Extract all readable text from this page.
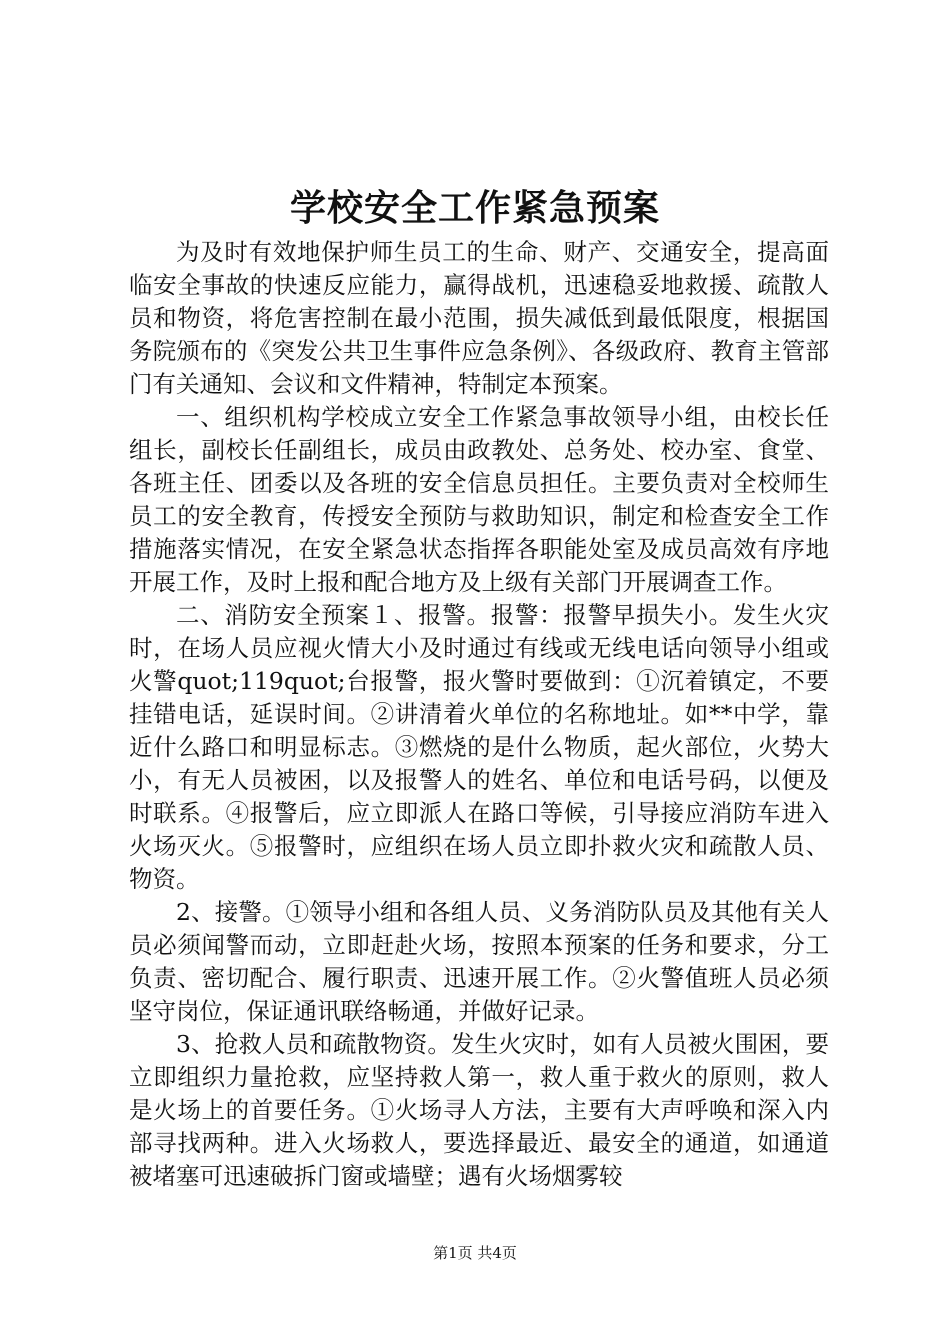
学校安全工作紧急预案

为及时有效地保护师生员工的生命、财产、交通安全，提高面临安全事故的快速反应能力，赢得战机，迅速稳妥地救援、疏散人员和物资，将危害控制在最小范围，损失减低到最低限度，根据国务院颁布的《突发公共卫生事件应急条例》、各级政府、教育主管部门有关通知、会议和文件精神，特制定本预案。

一、组织机构学校成立安全工作紧急事故领导小组，由校长任组长，副校长任副组长，成员由政教处、总务处、校办室、食堂、各班主任、团委以及各班的安全信息员担任。主要负责对全校师生员工的安全教育，传授安全预防与救助知识，制定和检查安全工作措施落实情况，在安全紧急状态指挥各职能处室及成员高效有序地开展工作，及时上报和配合地方及上级有关部门开展调查工作。

二、消防安全预案１、报警。报警：报警早损失小。发生火灾时，在场人员应视火情大小及时通过有线或无线电话向领导小组或火警quot;119quot;台报警，报火警时要做到：①沉着镇定，不要挂错电话，延误时间。②讲清着火单位的名称地址。如**中学，靠近什么路口和明显标志。③燃烧的是什么物质，起火部位，火势大小，有无人员被困，以及报警人的姓名、单位和电话号码，以便及时联系。④报警后，应立即派人在路口等候，引导接应消防车进入火场灭火。⑤报警时，应组织在场人员立即扑救火灾和疏散人员、物资。

2、接警。①领导小组和各组人员、义务消防队员及其他有关人员必须闻警而动，立即赶赴火场，按照本预案的任务和要求，分工负责、密切配合、履行职责、迅速开展工作。②火警值班人员必须坚守岗位，保证通讯联络畅通，并做好记录。

3、抢救人员和疏散物资。发生火灾时，如有人员被火围困，要立即组织力量抢救，应坚持救人第一，救人重于救火的原则，救人是火场上的首要任务。①火场寻人方法，主要有大声呼唤和深入内部寻找两种。进入火场救人，要选择最近、最安全的通道，如通道被堵塞可迅速破拆门窗或墙壁；遇有火场烟雾较

第1页 共4页
